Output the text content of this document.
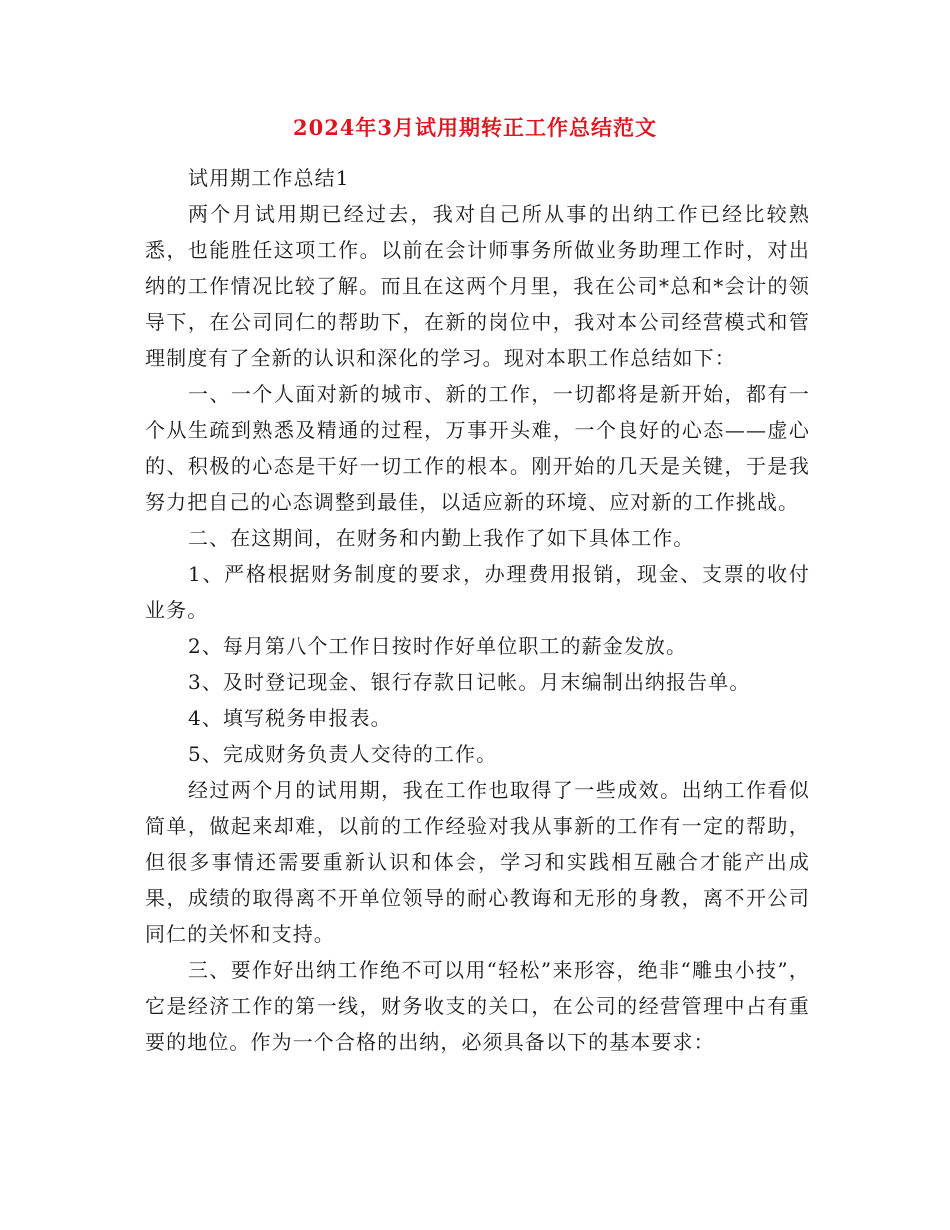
2024年3月试用期转正工作总结范文

试用期工作总结1

两个月试用期已经过去，我对自己所从事的出纳工作已经比较熟悉，也能胜任这项工作。以前在会计师事务所做业务助理工作时，对出纳的工作情况比较了解。而且在这两个月里，我在公司*总和*会计的领导下，在公司同仁的帮助下，在新的岗位中，我对本公司经营模式和管理制度有了全新的认识和深化的学习。现对本职工作总结如下：

一、一个人面对新的城市、新的工作，一切都将是新开始，都有一个从生疏到熟悉及精通的过程，万事开头难，一个良好的心态——虚心的、积极的心态是干好一切工作的根本。刚开始的几天是关键，于是我努力把自己的心态调整到最佳，以适应新的环境、应对新的工作挑战。

二、在这期间，在财务和内勤上我作了如下具体工作。

1、严格根据财务制度的要求，办理费用报销，现金、支票的收付业务。

2、每月第八个工作日按时作好单位职工的薪金发放。

3、及时登记现金、银行存款日记帐。月末编制出纳报告单。

4、填写税务申报表。

5、完成财务负责人交待的工作。

经过两个月的试用期，我在工作也取得了一些成效。出纳工作看似简单，做起来却难，以前的工作经验对我从事新的工作有一定的帮助，但很多事情还需要重新认识和体会，学习和实践相互融合才能产出成果，成绩的取得离不开单位领导的耐心教诲和无形的身教，离不开公司同仁的关怀和支持。

三、要作好出纳工作绝不可以用“轻松”来形容，绝非“雕虫小技”，它是经济工作的第一线，财务收支的关口，在公司的经营管理中占有重要的地位。作为一个合格的出纳，必须具备以下的基本要求：
